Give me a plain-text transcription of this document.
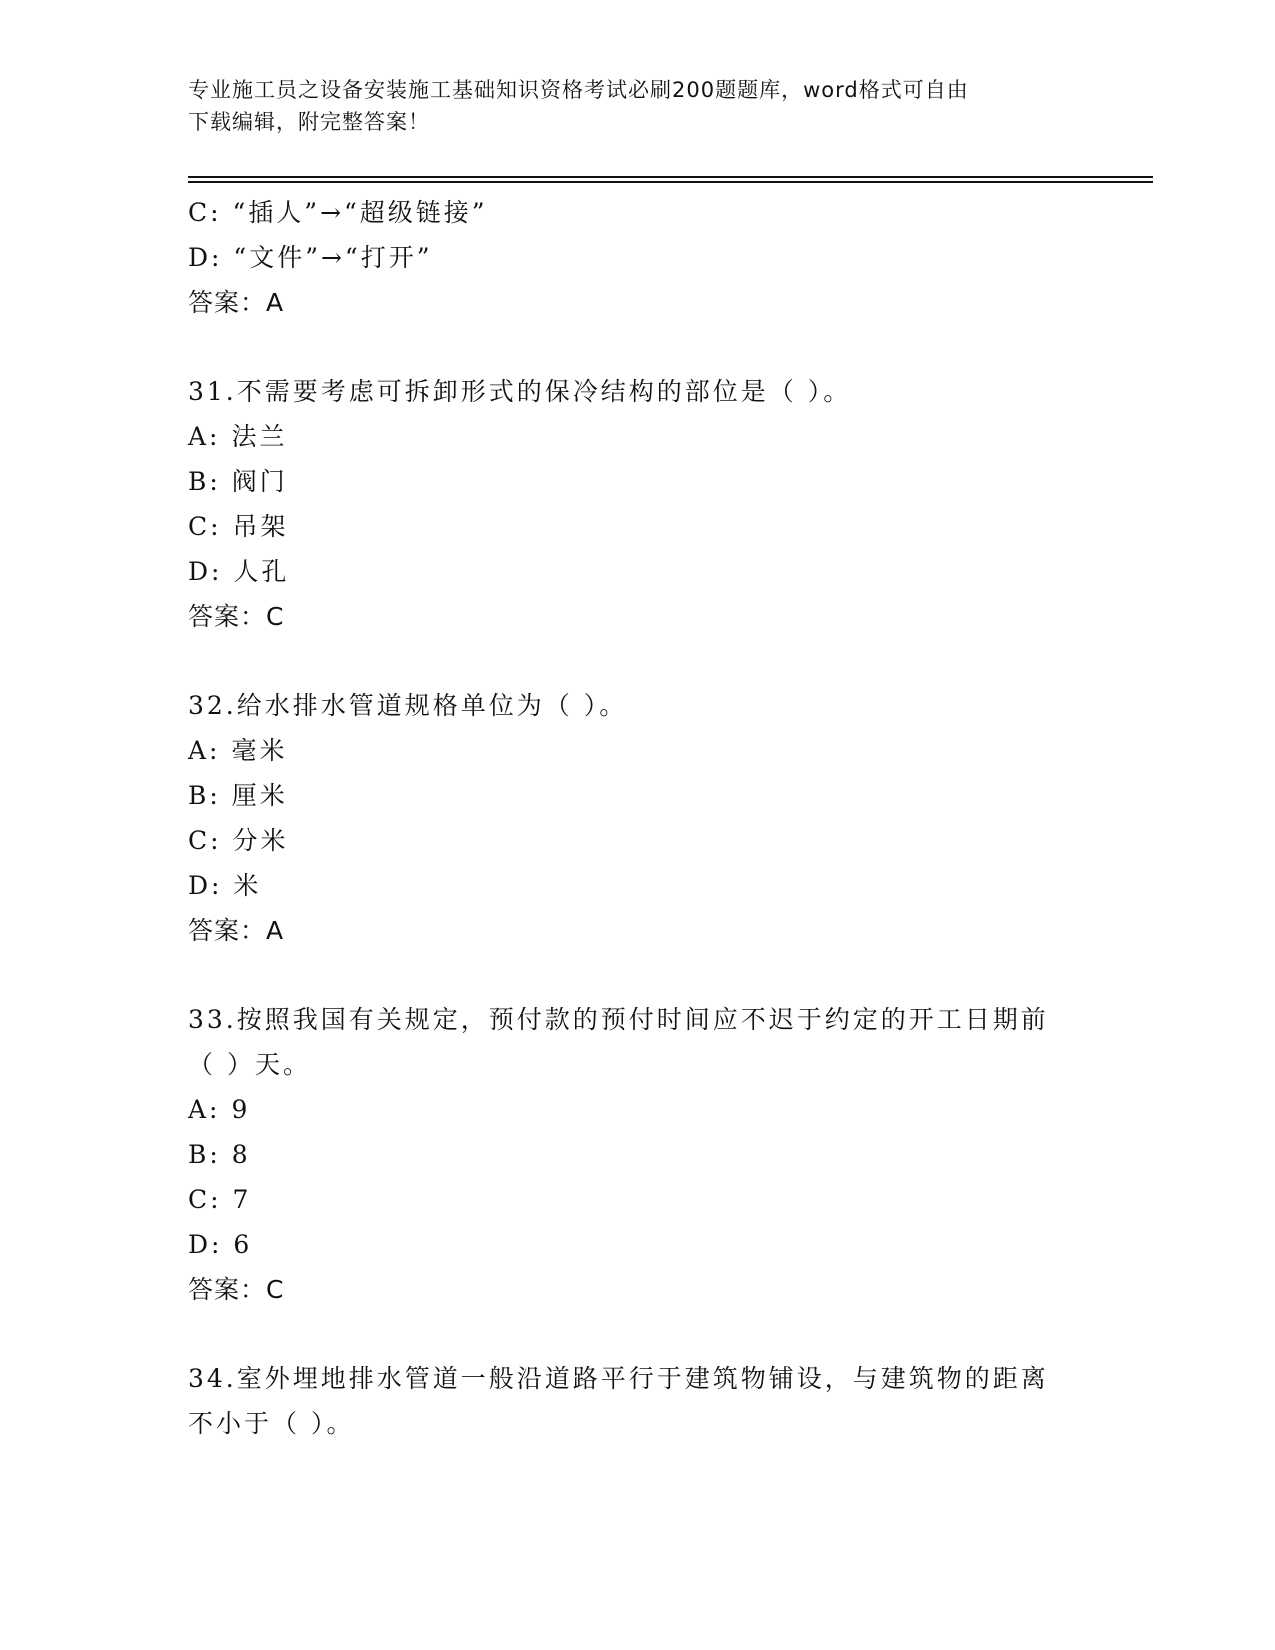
专业施工员之设备安装施工基础知识资格考试必刷200题题库，word格式可自由
下载编辑，附完整答案！
C: “插人”→“超级链接”
D: “文件”→“打开”
答案：A
31.不需要考虑可拆卸形式的保冷结构的部位是（ ）。
A: 法兰
B: 阀门
C: 吊架
D: 人孔
答案：C
32.给水排水管道规格单位为（ ）。
A: 毫米
B: 厘米
C: 分米
D: 米
答案：A
33.按照我国有关规定，预付款的预付时间应不迟于约定的开工日期前
（ ）天。
A: 9
B: 8
C: 7
D: 6
答案：C
34.室外埋地排水管道一般沿道路平行于建筑物铺设，与建筑物的距离
不小于（ ）。
